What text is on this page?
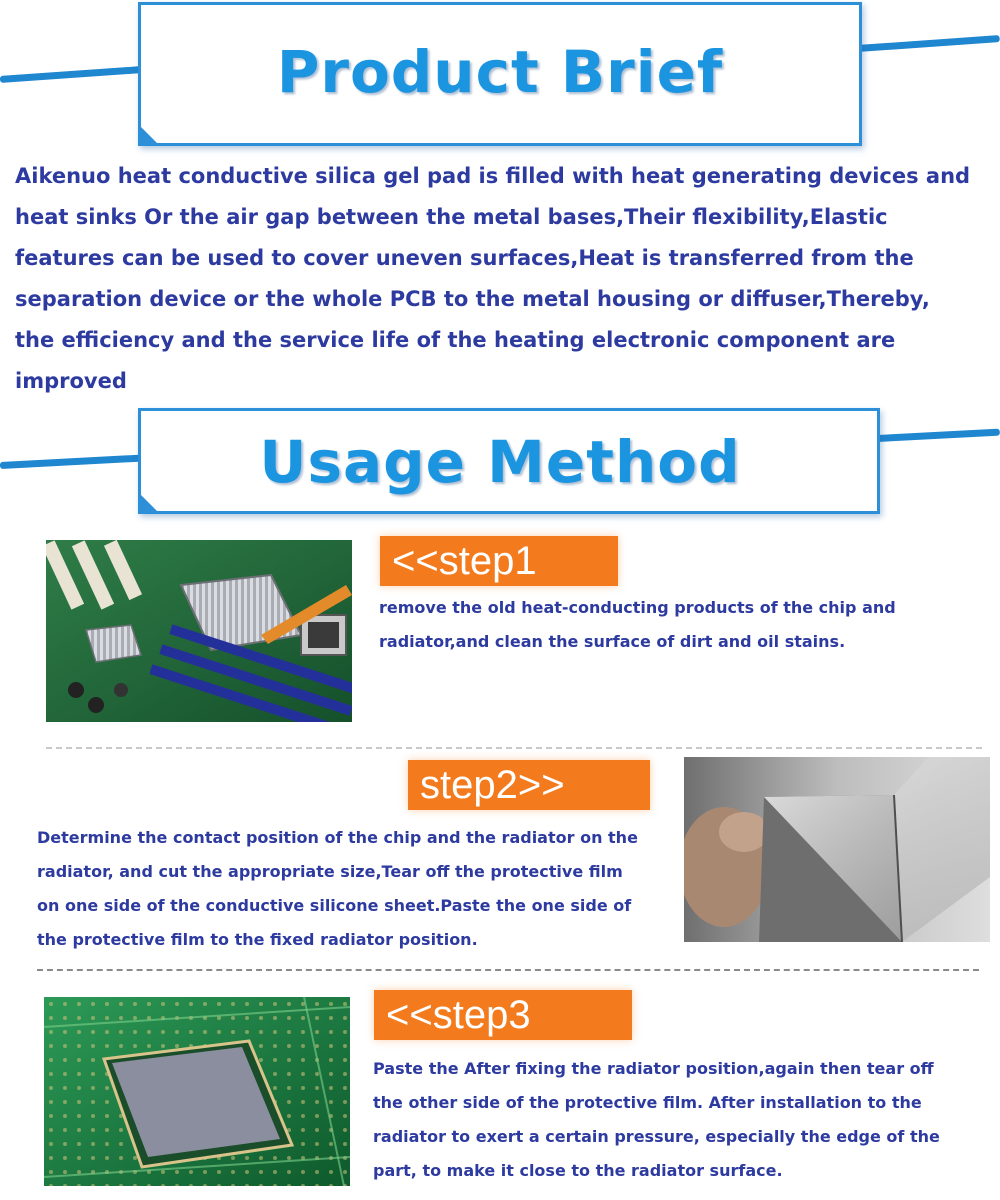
Product Brief
Aikenuo heat conductive silica gel pad is filled with heat generating devices and
heat sinks Or the air gap between the metal bases,Their flexibility,Elastic
features can be used to cover uneven surfaces,Heat is transferred from the
separation device or the whole PCB to the metal housing or diffuser,Thereby,
the efficiency and the service life of the heating electronic component are
improved
Usage Method
<<step1
remove the old heat-conducting products of the chip and
radiator,and clean the surface of dirt and oil stains.
step2>>
Determine the contact position of the chip and the radiator on the
radiator, and cut the appropriate size,Tear off the protective film
on one side of the conductive silicone sheet.Paste the one side of
the protective film to the fixed radiator position.
<<step3
Paste the After fixing the radiator position,again then tear off
the other side of the protective film. After installation to the
radiator to exert a certain pressure, especially the edge of the
part, to make it close to the radiator surface.
